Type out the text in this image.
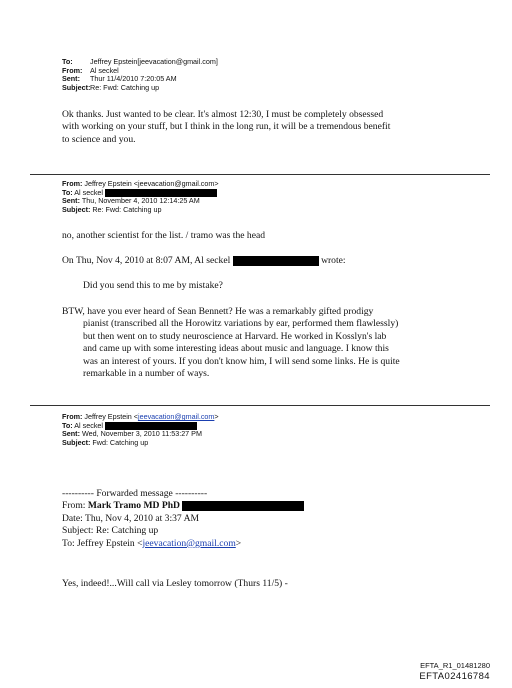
To: Jeffrey Epstein[jeevacation@gmail.com]
From: Al seckel
Sent: Thur 11/4/2010 7:20:05 AM
Subject:Re: Fwd: Catching up
Ok thanks. Just wanted to be clear. It's almost 12:30, I must be completely obsessed
with working on your stuff, but I think in the long run, it will be a tremendous benefit
to science and you.
From: Jeffrey Epstein <jeevacation@gmail.com>
To: Al seckel
Sent: Thu, November 4, 2010 12:14:25 AM
Subject: Re: Fwd: Catching up
no, another scientist for the list. / tramo was the head
On Thu, Nov 4, 2010 at 8:07 AM, Al seckel	wrote:
Did you send this to me by mistake?
BTW, have you ever heard of Sean Bennett? He was a remarkably gifted prodigy
pianist (transcribed all the Horowitz variations by ear, performed them flawlessly)
but then went on to study neuroscience at Harvard. He worked in Kosslyn's lab
and came up with some interesting ideas about music and language. I know this
was an interest of yours. If you don't know him, I will send some links. He is quite
remarkable in a number of ways.
From: Jeffrey Epstein <jeevacation@gmail.com>
To: Al seckel
Sent: Wed, November 3, 2010 11:53:27 PM
Subject: Fwd: Catching up
---------- Forwarded message ----------
From: Mark Tramo MD PhD
Date: Thu, Nov 4, 2010 at 3:37 AM
Subject: Re: Catching up
To: Jeffrey Epstein <jeevacation@gmail.com>
Yes, indeed!...Will call via Lesley tomorrow (Thurs 11/5) -
EFTA_R1_01481280
EFTA02416784
